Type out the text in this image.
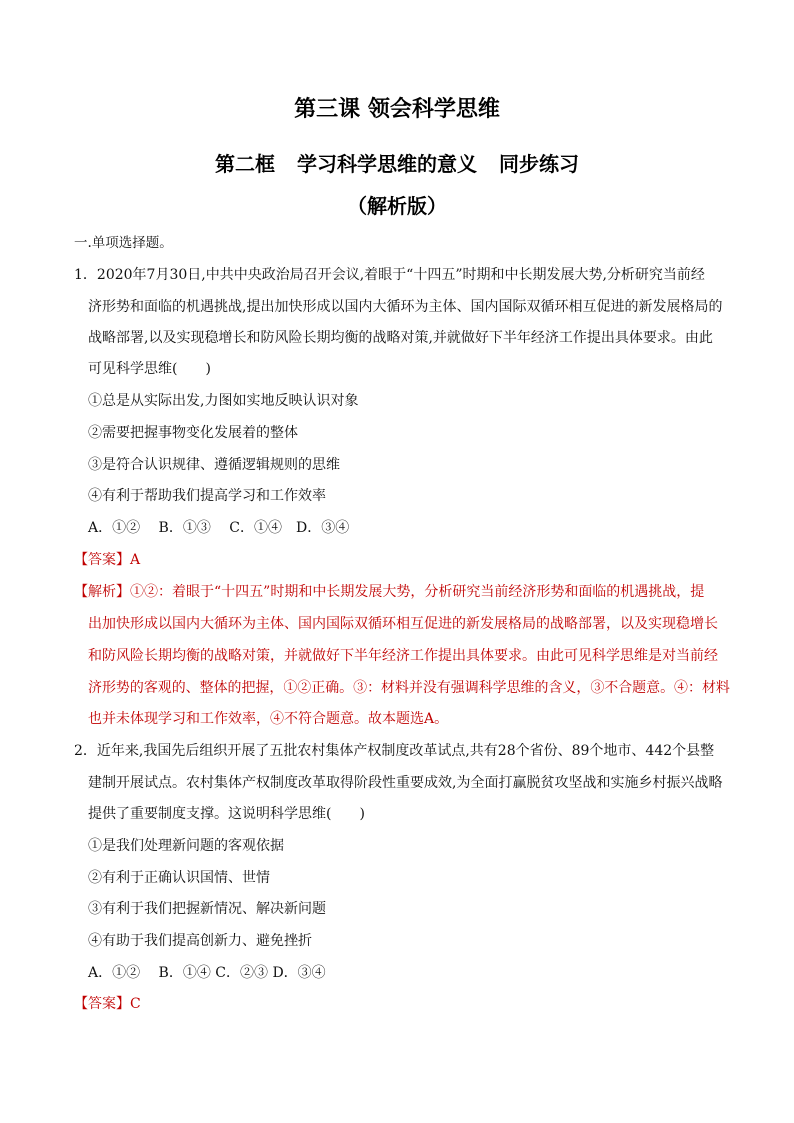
第三课 领会科学思维
第二框 学习科学思维的意义 同步练习
（解析版）
一.单项选择题。
1．2020年7月30日,中共中央政治局召开会议,着眼于“十四五”时期和中长期发展大势,分析研究当前经
济形势和面临的机遇挑战,提出加快形成以国内大循环为主体、国内国际双循环相互促进的新发展格局的
战略部署,以及实现稳增长和防风险长期均衡的战略对策,并就做好下半年经济工作提出具体要求。由此
可见科学思维(　　)
①总是从实际出发,力图如实地反映认识对象
②需要把握事物变化发展着的整体
③是符合认识规律、遵循逻辑规则的思维
④有利于帮助我们提高学习和工作效率
A．①②　 B．①③　 C．①④　D．③④
【答案】A
【解析】①②：着眼于“十四五”时期和中长期发展大势，分析研究当前经济形势和面临的机遇挑战，提
出加快形成以国内大循环为主体、国内国际双循环相互促进的新发展格局的战略部署，以及实现稳增长
和防风险长期均衡的战略对策，并就做好下半年经济工作提出具体要求。由此可见科学思维是对当前经
济形势的客观的、整体的把握，①②正确。③：材料并没有强调科学思维的含义，③不合题意。④：材料
也并未体现学习和工作效率，④不符合题意。故本题选A。
2．近年来,我国先后组织开展了五批农村集体产权制度改革试点,共有28个省份、89个地市、442个县整
建制开展试点。农村集体产权制度改革取得阶段性重要成效,为全面打赢脱贫攻坚战和实施乡村振兴战略
提供了重要制度支撑。这说明科学思维(　　)
①是我们处理新问题的客观依据
②有利于正确认识国情、世情
③有利于我们把握新情况、解决新问题
④有助于我们提高创新力、避免挫折
A．①②　 B．①④ C．②③ D．③④
【答案】C
